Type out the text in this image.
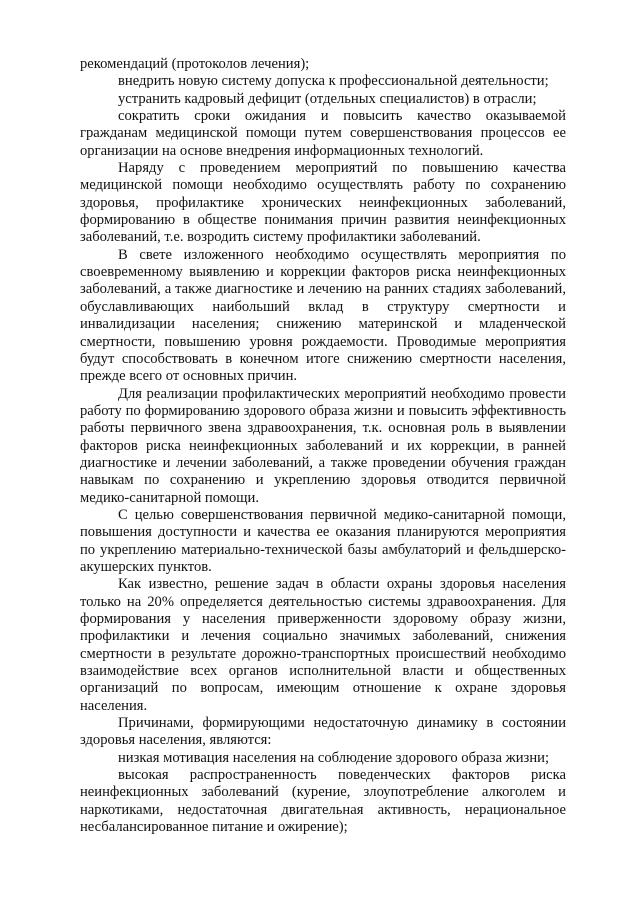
рекомендаций (протоколов лечения);

внедрить новую систему допуска к профессиональной деятельности;

устранить кадровый дефицит (отдельных специалистов) в отрасли;

сократить сроки ожидания и повысить качество оказываемой гражданам медицинской помощи путем совершенствования процессов ее организации на основе внедрения информационных технологий.

Наряду с проведением мероприятий по повышению качества медицинской помощи необходимо осуществлять работу по сохранению здоровья, профилактике хронических неинфекционных заболеваний, формированию в обществе понимания причин развития неинфекционных заболеваний, т.е. возродить систему профилактики заболеваний.

В свете изложенного необходимо осуществлять мероприятия по своевременному выявлению и коррекции факторов риска неинфекционных заболеваний, а также диагностике и лечению на ранних стадиях заболеваний, обуславливающих наибольший вклад в структуру смертности и инвалидизации населения; снижению материнской и младенческой смертности, повышению уровня рождаемости. Проводимые мероприятия будут способствовать в конечном итоге снижению смертности населения, прежде всего от основных причин.

Для реализации профилактических мероприятий необходимо провести работу по формированию здорового образа жизни и повысить эффективность работы первичного звена здравоохранения, т.к. основная роль в выявлении факторов риска неинфекционных заболеваний и их коррекции, в ранней диагностике и лечении заболеваний, а также проведении обучения граждан навыкам по сохранению и укреплению здоровья отводится первичной медико-санитарной помощи.

С целью совершенствования первичной медико-санитарной помощи, повышения доступности и качества ее оказания планируются мероприятия по укреплению материально-технической базы амбулаторий и фельдшерско-акушерских пунктов.

Как известно, решение задач в области охраны здоровья населения только на 20% определяется деятельностью системы здравоохранения. Для формирования у населения приверженности здоровому образу жизни, профилактики и лечения социально значимых заболеваний, снижения смертности в результате дорожно-транспортных происшествий необходимо взаимодействие всех органов исполнительной власти и общественных организаций по вопросам, имеющим отношение к охране здоровья населения.

Причинами, формирующими недостаточную динамику в состоянии здоровья населения, являются:

низкая мотивация населения на соблюдение здорового образа жизни;

высокая распространенность поведенческих факторов риска неинфекционных заболеваний (курение, злоупотребление алкоголем и наркотиками, недостаточная двигательная активность, нерациональное несбалансированное питание и ожирение);
